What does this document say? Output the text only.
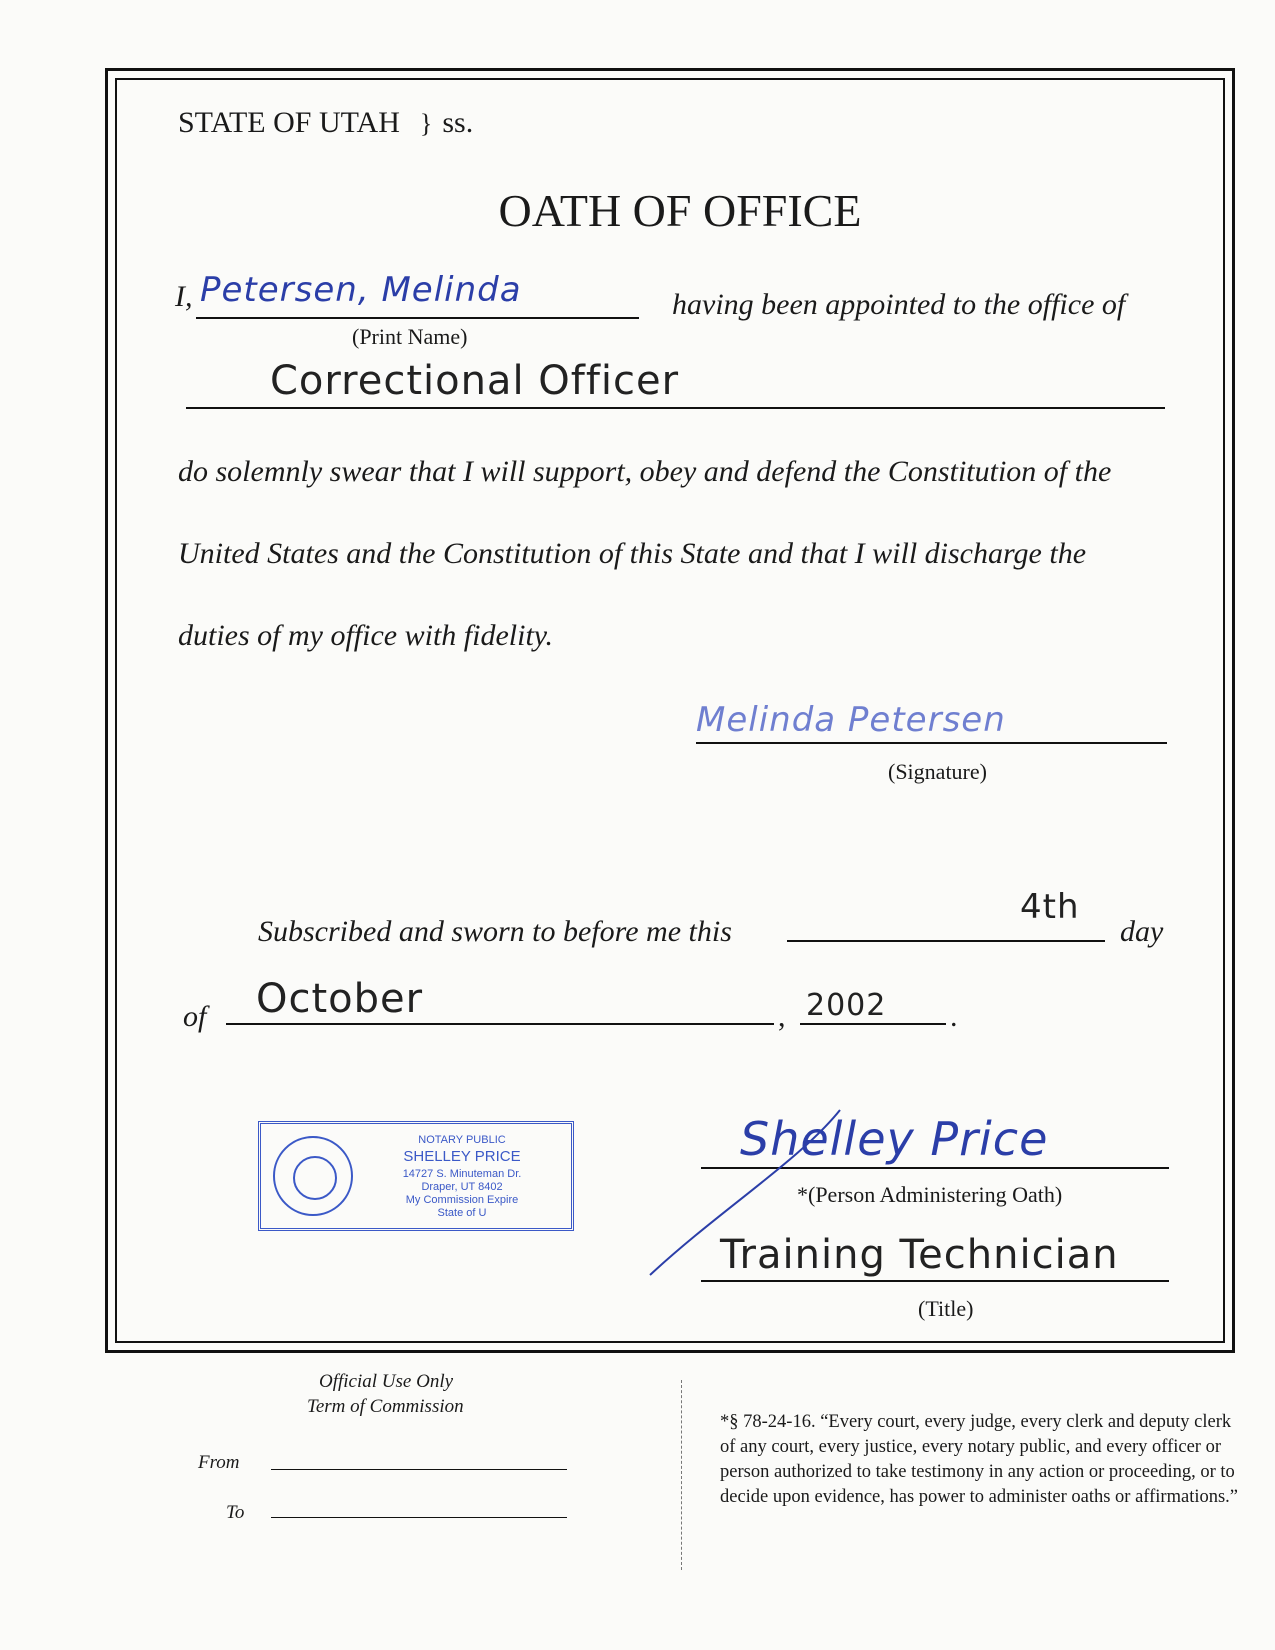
STATE OF UTAH } ss.
OATH OF OFFICE
I, Petersen, Melinda
(Print Name)
having been appointed to the office of
Correctional Officer
do solemnly swear that I will support, obey and defend the Constitution of the
United States and the Constitution of this State and that I will discharge the
duties of my office with fidelity.
Melinda Petersen
(Signature)
Subscribed and sworn to before me this
4th
day
of October	, 2002 .
NOTARY PUBLIC
SHELLEY PRICE
14727 S. Minuteman Dr.
Draper, UT 8402
My Commission Expire
State of U
Shelley Price
*(Person Administering Oath)
Training Technician
(Title)
Official Use Only
Term of Commission
From
To
*§ 78-24-16. “Every court, every judge, every clerk and deputy clerk of any court, every justice, every notary public, and every officer or person authorized to take testimony in any action or proceeding, or to decide upon evidence, has power to administer oaths or affirmations.”
